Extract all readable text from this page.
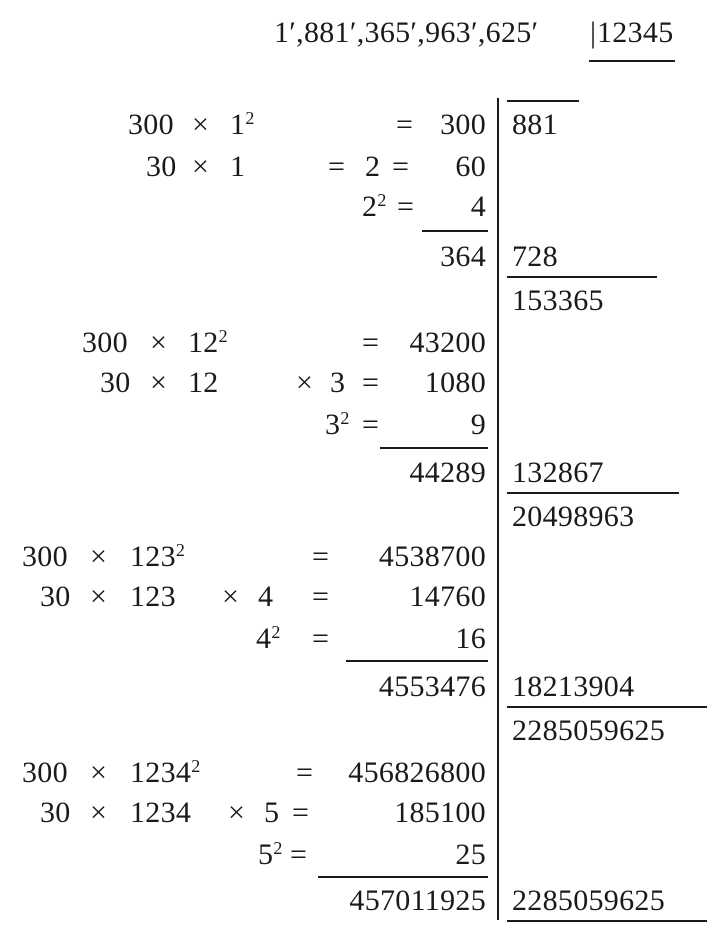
1′,881′,365′,963′,625′ | 12345
$300 \times 1^2$	= 300 881
30 × 1	= 2 = 60
$2^2 = 4$
364 728
153365
$300 \times 12^2$	= 43200
30 × 12	× 3 = 1080
$3^2$ =	9
44289 132867
20498963
$300 \times 123^2$	= 4538700
30 × 123 × 4 =	14760
$4^2$ =	16
4553476 18213904
2285059625
$300 \times 1234^2$	= 456826800
30 × 1234 × 5 =	185100
$5^2$ =	25
457011925 2285059625
